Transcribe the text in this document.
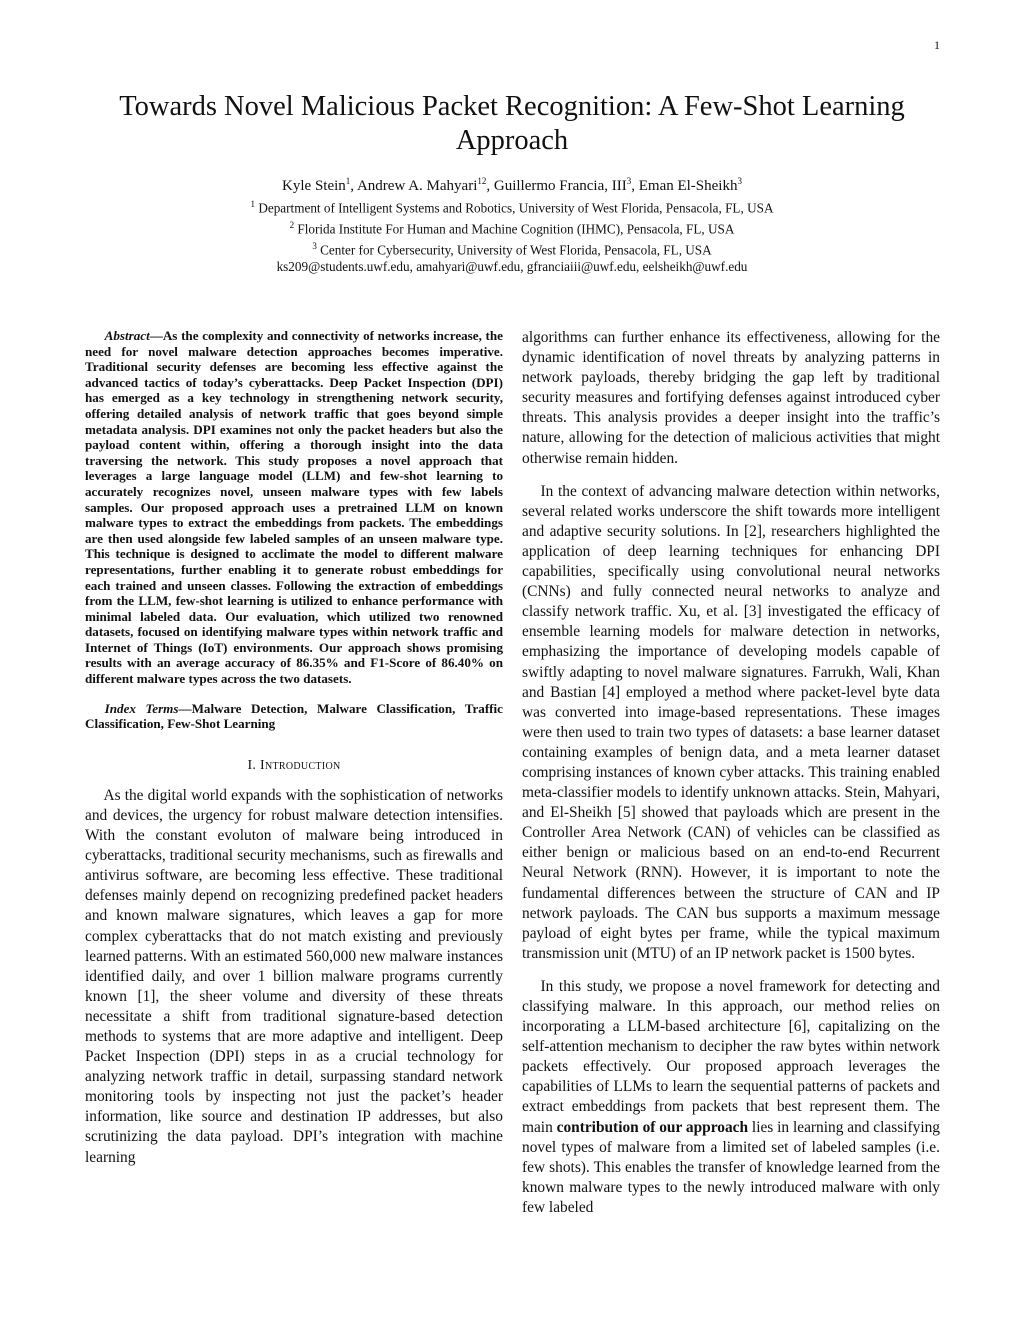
1
Towards Novel Malicious Packet Recognition: A Few-Shot Learning Approach
Kyle Stein$^1$, Andrew A. Mahyari$^{12}$, Guillermo Francia, III$^3$, Eman El-Sheikh$^3$
$^1$ Department of Intelligent Systems and Robotics, University of West Florida, Pensacola, FL, USA
$^2$ Florida Institute For Human and Machine Cognition (IHMC), Pensacola, FL, USA
$^3$ Center for Cybersecurity, University of West Florida, Pensacola, FL, USA
ks209@students.uwf.edu, amahyari@uwf.edu, gfranciaiii@uwf.edu, eelsheikh@uwf.edu

Abstract—As the complexity and connectivity of networks increase, the need for novel malware detection approaches becomes imperative. Traditional security defenses are becoming less effective against the advanced tactics of today’s cyberattacks. Deep Packet Inspection (DPI) has emerged as a key technology in strengthening network security, offering detailed analysis of network traffic that goes beyond simple metadata analysis. DPI examines not only the packet headers but also the payload content within, offering a thorough insight into the data traversing the network. This study proposes a novel approach that leverages a large language model (LLM) and few-shot learning to accurately recognizes novel, unseen malware types with few labels samples. Our proposed approach uses a pretrained LLM on known malware types to extract the embeddings from packets. The embeddings are then used alongside few labeled samples of an unseen malware type. This technique is designed to acclimate the model to different malware representations, further enabling it to generate robust embeddings for each trained and unseen classes. Following the extraction of embeddings from the LLM, few-shot learning is utilized to enhance performance with minimal labeled data. Our evaluation, which utilized two renowned datasets, focused on identifying malware types within network traffic and Internet of Things (IoT) environments. Our approach shows promising results with an average accuracy of 86.35% and F1-Score of 86.40% on different malware types across the two datasets.

Index Terms—Malware Detection, Malware Classification, Traffic Classification, Few-Shot Learning

I. Introduction

As the digital world expands with the sophistication of networks and devices, the urgency for robust malware detection intensifies. With the constant evoluton of malware being introduced in cyberattacks, traditional security mechanisms, such as firewalls and antivirus software, are becoming less effective. These traditional defenses mainly depend on recognizing predefined packet headers and known malware signatures, which leaves a gap for more complex cyberattacks that do not match existing and previously learned patterns. With an estimated 560,000 new malware instances identified daily, and over 1 billion malware programs currently known [1], the sheer volume and diversity of these threats necessitate a shift from traditional signature-based detection methods to systems that are more adaptive and intelligent. Deep Packet Inspection (DPI) steps in as a crucial technology for analyzing network traffic in detail, surpassing standard network monitoring tools by inspecting not just the packet’s header information, like source and destination IP addresses, but also scrutinizing the data payload. DPI’s integration with machine learning

algorithms can further enhance its effectiveness, allowing for the dynamic identification of novel threats by analyzing patterns in network payloads, thereby bridging the gap left by traditional security measures and fortifying defenses against introduced cyber threats. This analysis provides a deeper insight into the traffic’s nature, allowing for the detection of malicious activities that might otherwise remain hidden.

In the context of advancing malware detection within networks, several related works underscore the shift towards more intelligent and adaptive security solutions. In [2], researchers highlighted the application of deep learning techniques for enhancing DPI capabilities, specifically using convolutional neural networks (CNNs) and fully connected neural networks to analyze and classify network traffic. Xu, et al. [3] investigated the efficacy of ensemble learning models for malware detection in networks, emphasizing the importance of developing models capable of swiftly adapting to novel malware signatures. Farrukh, Wali, Khan and Bastian [4] employed a method where packet-level byte data was converted into image-based representations. These images were then used to train two types of datasets: a base learner dataset containing examples of benign data, and a meta learner dataset comprising instances of known cyber attacks. This training enabled meta-classifier models to identify unknown attacks. Stein, Mahyari, and El-Sheikh [5] showed that payloads which are present in the Controller Area Network (CAN) of vehicles can be classified as either benign or malicious based on an end-to-end Recurrent Neural Network (RNN). However, it is important to note the fundamental differences between the structure of CAN and IP network payloads. The CAN bus supports a maximum message payload of eight bytes per frame, while the typical maximum transmission unit (MTU) of an IP network packet is 1500 bytes.

In this study, we propose a novel framework for detecting and classifying malware. In this approach, our method relies on incorporating a LLM-based architecture [6], capitalizing on the self-attention mechanism to decipher the raw bytes within network packets effectively. Our proposed approach leverages the capabilities of LLMs to learn the sequential patterns of packets and extract embeddings from packets that best represent them. The main contribution of our approach lies in learning and classifying novel types of malware from a limited set of labeled samples (i.e. few shots). This enables the transfer of knowledge learned from the known malware types to the newly introduced malware with only few labeled
